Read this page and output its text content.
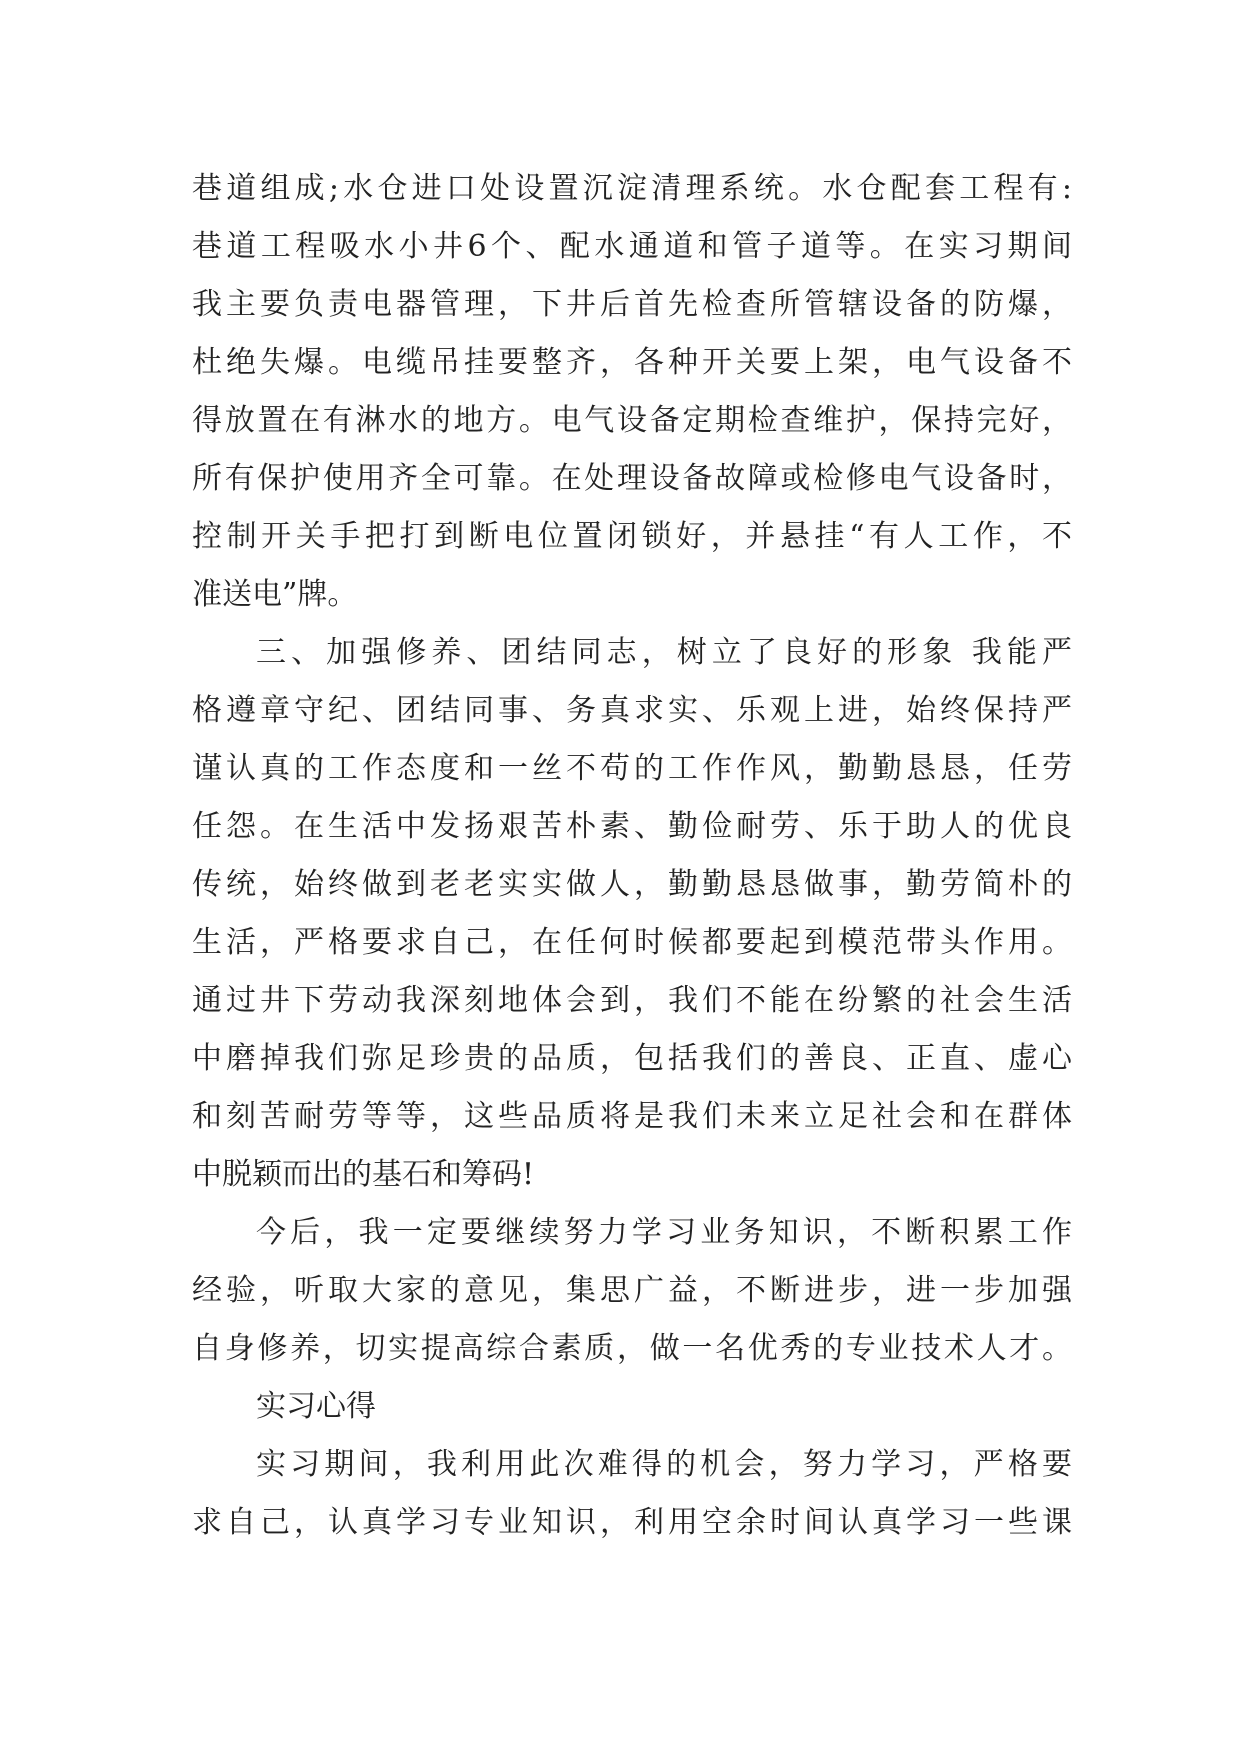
巷道组成;水仓进口处设置沉淀清理系统。水仓配套工程有:
巷道工程吸水小井6个、配水通道和管子道等。在实习期间
我主要负责电器管理，下井后首先检查所管辖设备的防爆，
杜绝失爆。电缆吊挂要整齐，各种开关要上架，电气设备不
得放置在有淋水的地方。电气设备定期检查维护，保持完好，
所有保护使用齐全可靠。在处理设备故障或检修电气设备时，
控制开关手把打到断电位置闭锁好，并悬挂“有人工作，不
准送电”牌。
三、加强修养、团结同志，树立了良好的形象 我能严
格遵章守纪、团结同事、务真求实、乐观上进，始终保持严
谨认真的工作态度和一丝不苟的工作作风，勤勤恳恳，任劳
任怨。在生活中发扬艰苦朴素、勤俭耐劳、乐于助人的优良
传统，始终做到老老实实做人，勤勤恳恳做事，勤劳简朴的
生活，严格要求自己，在任何时候都要起到模范带头作用。
通过井下劳动我深刻地体会到，我们不能在纷繁的社会生活
中磨掉我们弥足珍贵的品质，包括我们的善良、正直、虚心
和刻苦耐劳等等，这些品质将是我们未来立足社会和在群体
中脱颖而出的基石和筹码!
今后，我一定要继续努力学习业务知识，不断积累工作
经验，听取大家的意见，集思广益，不断进步，进一步加强
自身修养，切实提高综合素质，做一名优秀的专业技术人才。
实习心得
实习期间，我利用此次难得的机会，努力学习，严格要
求自己，认真学习专业知识，利用空余时间认真学习一些课
